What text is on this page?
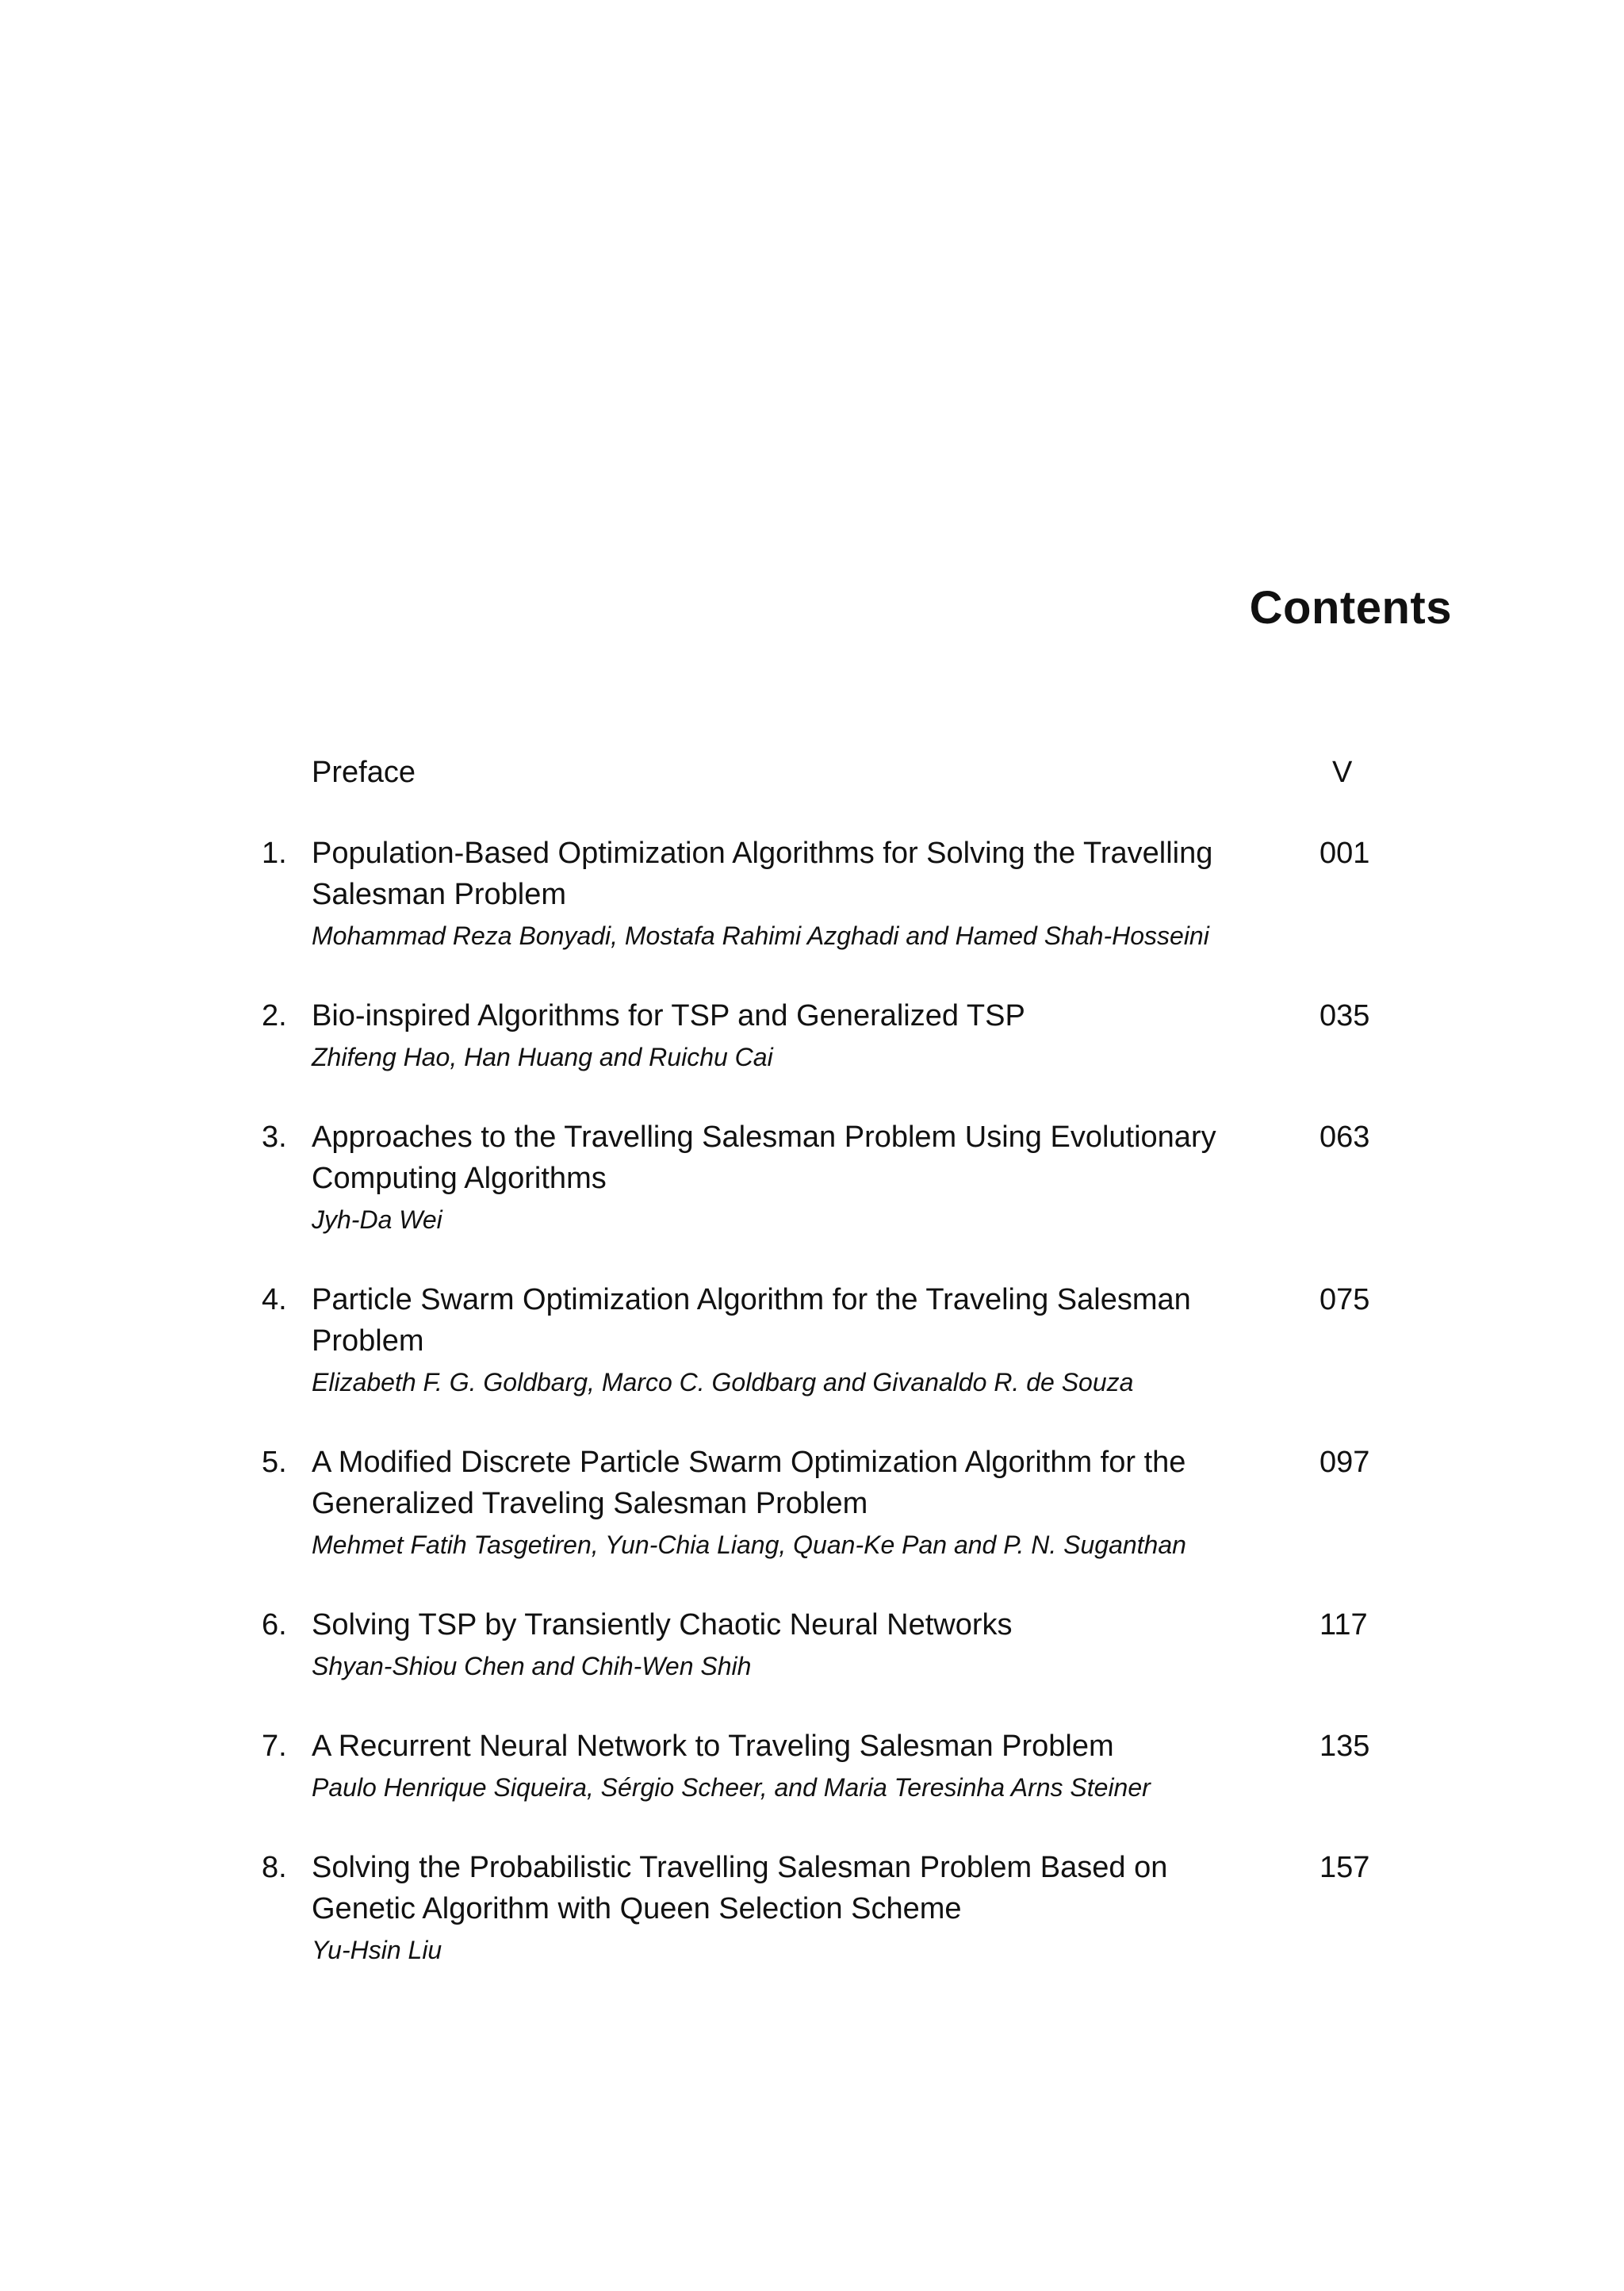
Contents
Preface	V
1. Population-Based Optimization Algorithms for Solving the Travelling
Salesman Problem
Mohammad Reza Bonyadi, Mostafa Rahimi Azghadi and Hamed Shah-Hosseini
001
2. Bio-inspired Algorithms for TSP and Generalized TSP
Zhifeng Hao, Han Huang and Ruichu Cai
035
3. Approaches to the Travelling Salesman Problem Using Evolutionary
Computing Algorithms
Jyh-Da Wei
063
4. Particle Swarm Optimization Algorithm for the Traveling Salesman
Problem
Elizabeth F. G. Goldbarg, Marco C. Goldbarg and Givanaldo R. de Souza
075
5. A Modified Discrete Particle Swarm Optimization Algorithm for the
Generalized Traveling Salesman Problem
Mehmet Fatih Tasgetiren, Yun-Chia Liang, Quan-Ke Pan and P. N. Suganthan
097
6. Solving TSP by Transiently Chaotic Neural Networks
Shyan-Shiou Chen and Chih-Wen Shih
117
7. A Recurrent Neural Network to Traveling Salesman Problem
Paulo Henrique Siqueira, Sérgio Scheer, and Maria Teresinha Arns Steiner
135
8. Solving the Probabilistic Travelling Salesman Problem Based on
Genetic Algorithm with Queen Selection Scheme
Yu-Hsin Liu
157
